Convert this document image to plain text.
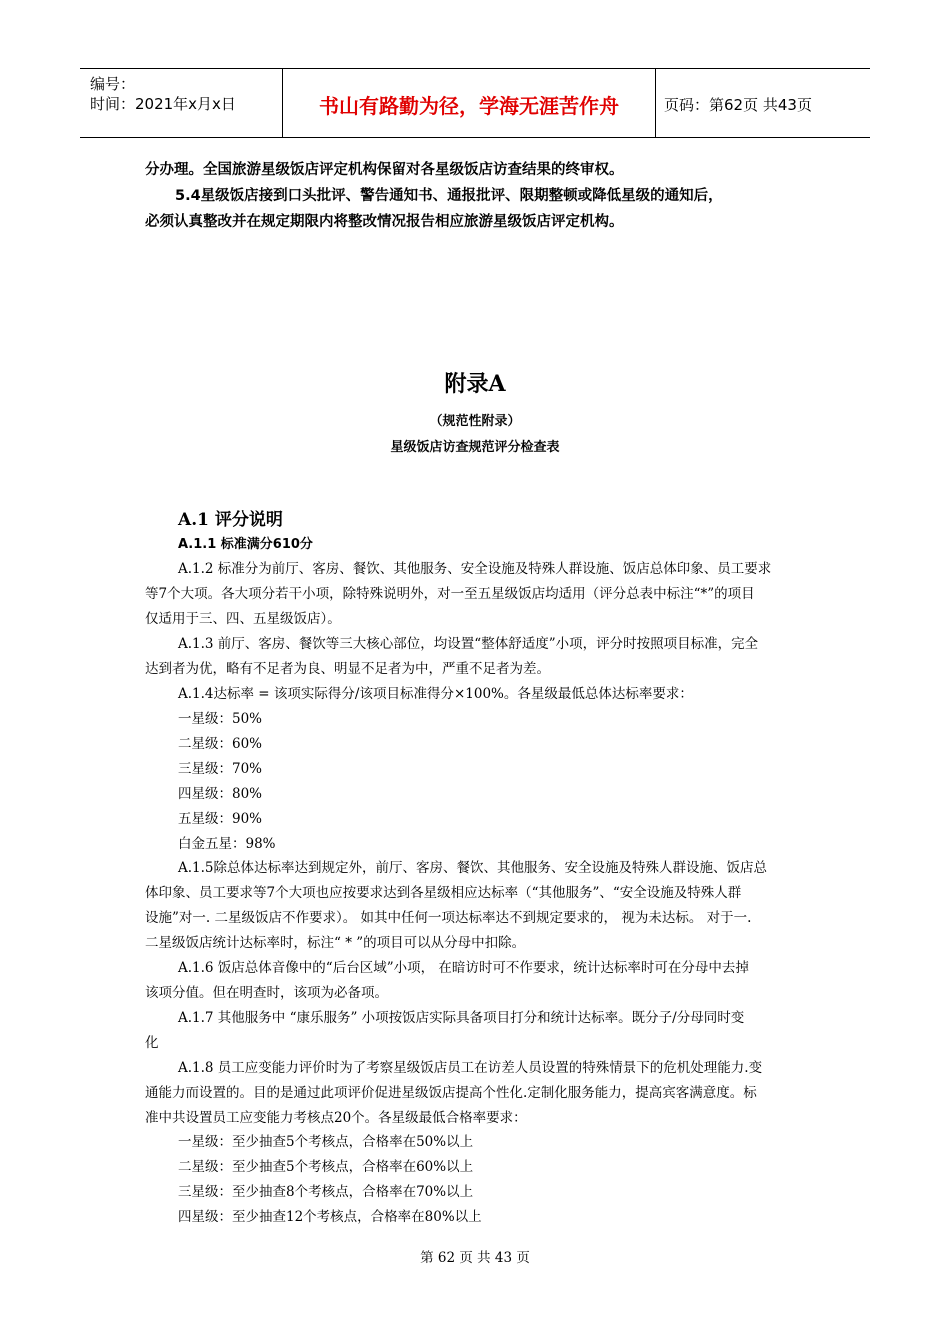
编号：
时间：2021年x月x日	书山有路勤为径，学海无涯苦作舟	页码：第62页 共43页
分办理。全国旅游星级饭店评定机构保留对各星级饭店访查结果的终审权。
5.4星级饭店接到口头批评、警告通知书、通报批评、限期整顿或降低星级的通知后，
必须认真整改并在规定期限内将整改情况报告相应旅游星级饭店评定机构。
附录A
（规范性附录）
星级饭店访查规范评分检查表
A.1 评分说明
A.1.1 标准满分610分
A.1.2 标准分为前厅、客房、餐饮、其他服务、安全设施及特殊人群设施、饭店总体印象、员工要求
等7个大项。各大项分若干小项，除特殊说明外，对一至五星级饭店均适用（评分总表中标注“*”的项目
仅适用于三、四、五星级饭店）。
A.1.3 前厅、客房、餐饮等三大核心部位，均设置“整体舒适度”小项，评分时按照项目标准，完全
达到者为优，略有不足者为良、明显不足者为中，严重不足者为差。
A.1.4达标率 = 该项实际得分/该项目标准得分×100%。各星级最低总体达标率要求：
一星级：50%
二星级：60%
三星级：70%
四星级：80%
五星级：90%
白金五星：98%
A.1.5除总体达标率达到规定外，前厅、客房、餐饮、其他服务、安全设施及特殊人群设施、饭店总
体印象、员工要求等7个大项也应按要求达到各星级相应达标率（“其他服务”、“安全设施及特殊人群
设施”对一. 二星级饭店不作要求）。 如其中任何一项达标率达不到规定要求的， 视为未达标。 对于一.
二星级饭店统计达标率时，标注“ * ”的项目可以从分母中扣除。
A.1.6 饭店总体音像中的“后台区域”小项， 在暗访时可不作要求，统计达标率时可在分母中去掉
该项分值。但在明查时，该项为必备项。
A.1.7 其他服务中 “康乐服务” 小项按饭店实际具备项目打分和统计达标率。既分子/分母同时变
化
A.1.8 员工应变能力评价时为了考察星级饭店员工在访差人员设置的特殊情景下的危机处理能力.变
通能力而设置的。目的是通过此项评价促进星级饭店提高个性化.定制化服务能力，提高宾客满意度。标
准中共设置员工应变能力考核点20个。各星级最低合格率要求：
一星级：至少抽查5个考核点，合格率在50%以上
二星级：至少抽查5个考核点，合格率在60%以上
三星级：至少抽查8个考核点，合格率在70%以上
四星级：至少抽查12个考核点，合格率在80%以上
第 62 页 共 43 页
